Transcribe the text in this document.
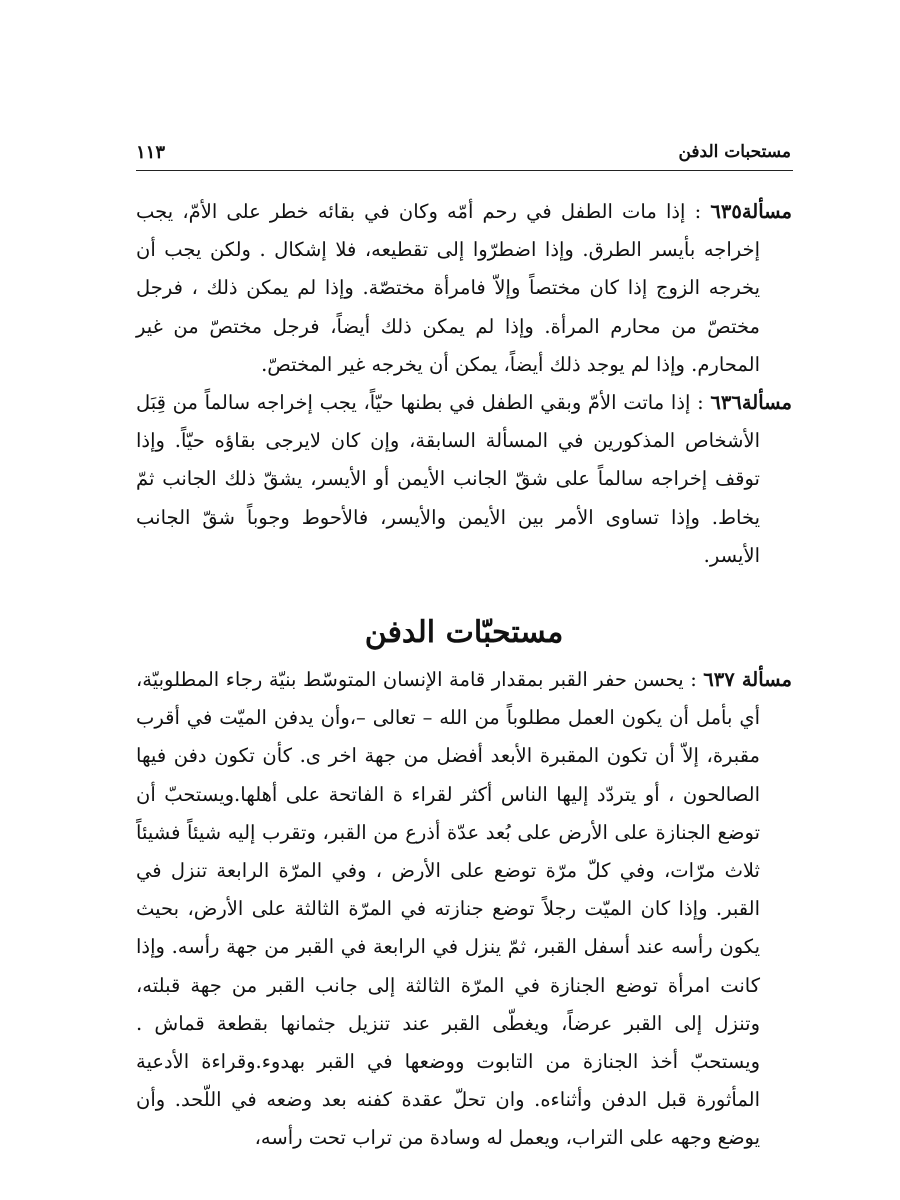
مستحبات الدفن
١١٣

مسألة٦٣٥ : إذا مات الطفل في رحم أمّه وكان في بقائه خطر على الأمّ، يجب إخراجه بأيسر الطرق. وإذا اضطرّوا إلى تقطيعه، فلا إشكال . ولكن يجب أن يخرجه الزوج إذا كان مختصاً وإلاّ فامرأة مختصّة. وإذا لم يمكن ذلك ، فرجل مختصّ من محارم المرأة. وإذا لم يمكن ذلك أيضاً، فرجل مختصّ من غير المحارم. وإذا لم يوجد ذلك أيضاً، يمكن أن يخرجه غير المختصّ.

مسألة٦٣٦ : إذا ماتت الأمّ وبقي الطفل في بطنها حيّاً، يجب إخراجه سالماً من قِبَل الأشخاص المذكورين في المسألة السابقة، وإن كان لايرجى بقاؤه حيّاً. وإذا توقف إخراجه سالماً على شقّ الجانب الأيمن أو الأيسر، يشقّ ذلك الجانب ثمّ يخاط. وإذا تساوى الأمر بين الأيمن والأيسر، فالأحوط وجوباً شقّ الجانب الأيسر.

مستحبّات الدفن

مسألة ٦٣٧ : يحسن حفر القبر بمقدار قامة الإنسان المتوسّط بنيّة رجاء المطلوبيّة، أي بأمل أن يكون العمل مطلوباً من الله – تعالى –،وأن يدفن الميّت في أقرب مقبرة، إلاّ أن تكون المقبرة الأبعد أفضل من جهة اخر ى. كأن تكون دفن فيها الصالحون ، أو يتردّد إليها الناس أكثر لقراء ة الفاتحة على أهلها.ويستحبّ أن توضع الجنازة على الأرض على بُعد عدّة أذرع من القبر، وتقرب إليه شيئاً فشيئاً ثلاث مرّات، وفي كلّ مرّة توضع على الأرض ، وفي المرّة الرابعة تنزل في القبر. وإذا كان الميّت رجلاً توضع جنازته في المرّة الثالثة على الأرض، بحيث يكون رأسه عند أسفل القبر، ثمّ ينزل في الرابعة في القبر من جهة رأسه. وإذا كانت امرأة توضع الجنازة في المرّة الثالثة إلى جانب القبر من جهة قبلته، وتنزل إلى القبر عرضاً، ويغطّى القبر عند تنزيل جثمانها بقطعة قماش . ويستحبّ أخذ الجنازة من التابوت ووضعها في القبر بهدوء.وقراءة الأدعية المأثورة قبل الدفن وأثناءه. وان تحلّ عقدة كفنه بعد وضعه في اللّحد. وأن يوضع وجهه على التراب، ويعمل له وسادة من تراب تحت رأسه،
